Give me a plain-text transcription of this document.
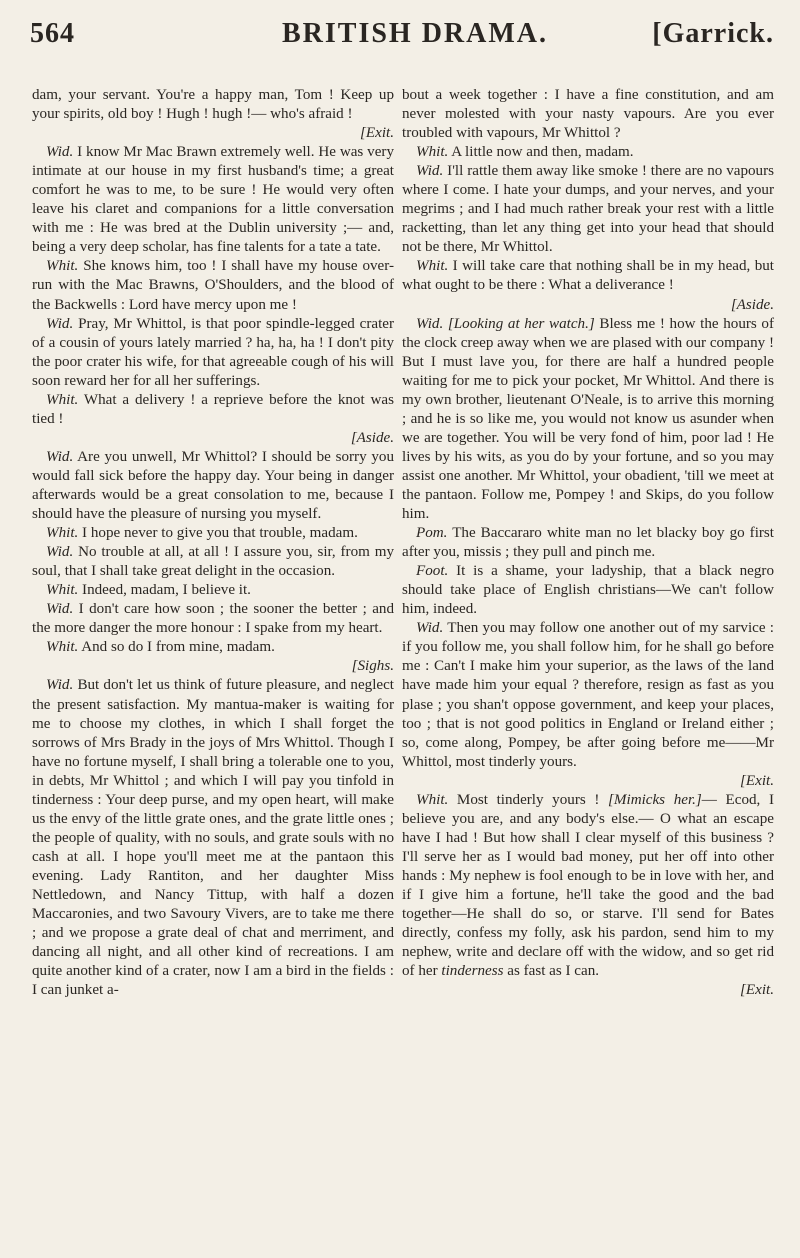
564	BRITISH DRAMA.	[Garrick.

dam, your servant. You're a happy man, Tom ! Keep up your spirits, old boy ! Hugh ! hugh !— who's afraid !

[Exit.

Wid. I know Mr Mac Brawn extremely well. He was very intimate at our house in my first husband's time; a great comfort he was to me, to be sure ! He would very often leave his claret and companions for a little conversation with me : He was bred at the Dublin university ;— and, being a very deep scholar, has fine talents for a tate a tate.

Whit. She knows him, too ! I shall have my house over-run with the Mac Brawns, O'Shoulders, and the blood of the Backwells : Lord have mercy upon me !

Wid. Pray, Mr Whittol, is that poor spindle-legged crater of a cousin of yours lately married ? ha, ha, ha ! I don't pity the poor crater his wife, for that agreeable cough of his will soon reward her for all her sufferings.

Whit. What a delivery ! a reprieve before the knot was tied !
[Aside.

Wid. Are you unwell, Mr Whittol? I should be sorry you would fall sick before the happy day. Your being in danger afterwards would be a great consolation to me, because I should have the pleasure of nursing you myself.

Whit. I hope never to give you that trouble, madam.

Wid. No trouble at all, at all ! I assure you, sir, from my soul, that I shall take great delight in the occasion.

Whit. Indeed, madam, I believe it.

Wid. I don't care how soon ; the sooner the better ; and the more danger the more honour : I spake from my heart.

Whit. And so do I from mine, madam.

[Sighs.

Wid. But don't let us think of future pleasure, and neglect the present satisfaction. My mantua-maker is waiting for me to choose my clothes, in which I shall forget the sorrows of Mrs Brady in the joys of Mrs Whittol. Though I have no fortune myself, I shall bring a tolerable one to you, in debts, Mr Whittol ; and which I will pay you tinfold in tinderness : Your deep purse, and my open heart, will make us the envy of the little grate ones, and the grate little ones ; the people of quality, with no souls, and grate souls with no cash at all. I hope you'll meet me at the pantaon this evening. Lady Rantiton, and her daughter Miss Nettledown, and Nancy Tittup, with half a dozen Maccaronies, and two Savoury Vivers, are to take me there ; and we propose a grate deal of chat and merriment, and dancing all night, and all other kind of recreations. I am quite another kind of a crater, now I am a bird in the fields : I can junket a-

bout a week together : I have a fine constitution, and am never molested with your nasty vapours. Are you ever troubled with vapours, Mr Whittol ?

Whit. A little now and then, madam.

Wid. I'll rattle them away like smoke ! there are no vapours where I come. I hate your dumps, and your nerves, and your megrims ; and I had much rather break your rest with a little racketting, than let any thing get into your head that should not be there, Mr Whittol.

Whit. I will take care that nothing shall be in my head, but what ought to be there : What a deliverance !
[Aside.

Wid. [Looking at her watch.] Bless me ! how the hours of the clock creep away when we are plased with our company ! But I must lave you, for there are half a hundred people waiting for me to pick your pocket, Mr Whittol. And there is my own brother, lieutenant O'Neale, is to arrive this morning ; and he is so like me, you would not know us asunder when we are together. You will be very fond of him, poor lad ! He lives by his wits, as you do by your fortune, and so you may assist one another. Mr Whittol, your obadient, 'till we meet at the pantaon. Follow me, Pompey ! and Skips, do you follow him.

Pom. The Baccararo white man no let blacky boy go first after you, missis ; they pull and pinch me.

Foot. It is a shame, your ladyship, that a black negro should take place of English christians—We can't follow him, indeed.

Wid. Then you may follow one another out of my sarvice : if you follow me, you shall follow him, for he shall go before me : Can't I make him your superior, as the laws of the land have made him your equal ? therefore, resign as fast as you plase ; you shan't oppose government, and keep your places, too ; that is not good politics in England or Ireland either ; so, come along, Pompey, be after going before me——Mr Whittol, most tinderly yours.

[Exit.

Whit. Most tinderly yours ! [Mimicks her.]— Ecod, I believe you are, and any body's else.— O what an escape have I had ! But how shall I clear myself of this business ? I'll serve her as I would bad money, put her off into other hands : My nephew is fool enough to be in love with her, and if I give him a fortune, he'll take the good and the bad together—He shall do so, or starve. I'll send for Bates directly, confess my folly, ask his pardon, send him to my nephew, write and declare off with the widow, and so get rid of her tinderness as fast as I can.

[Exit.
